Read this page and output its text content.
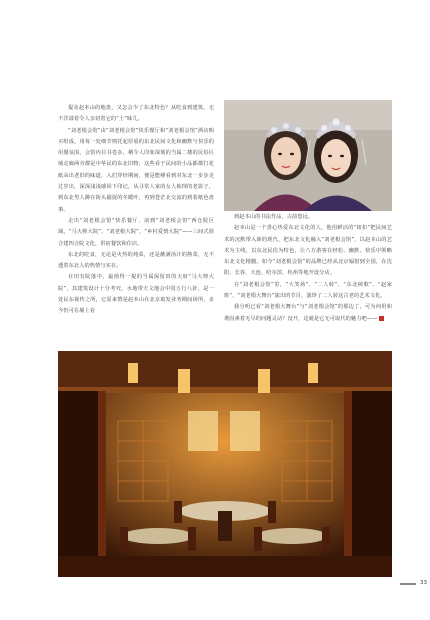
提及赵本山的地盘，又怎会少了东北特色？从吃食到建筑，无不洋溢着令人亲切着它的“土”味儿。

“刘老根会馆”由“刘老根会馆”快乐餐厅和“刘老根会馆”酒店购买组成。用每一处细节则托起厚重的东北民间文化和幽默与快乐的用餐氛围。会馆内目书卷多，栖令人印象深刻的当属二楼的民俗区域走廊两旁都是中华民的东北旧物，这些看于民间的小品都都打花纸朵出老旧的味道，入们穿经期间，便是能够看到对东北一步步走过岁出，深深浅浅感回下印记，从寻常人家的女人梳理的老影子，到东北男人蹲在街头捕捉的冬暖叶，再到苍茫北交流的到着纸色盘事。

走出“刘老根会馆”快乐餐厅，前到“刘老根会馆”西仓院区域，“马大帅大院”、“刘老根大院”、“乡村爱情大院”——三间式简合建四合院文化，供宿餐饮和住店。

东北的吃食，无论是火热的炖菜，还是蘸满汤汁的酱菜，无不透着东北人的热情与实在。

在田有院落中，最值得一提的当属保留田的天府“马大帅大院”，其建筑设计十分考究，水地带天文地会中国五行八卦，是一处民东视传之所，它原来赞是赵本山在北京取发业务期间场所，多今仍可在墙上看

到赵本山的书法作品，古韵悠远。

赵本山是一个善心热爱东北文化的人，他用鲜活的“纽扣”把民间艺术的沉默带入新的现代，把东北文化融入“刘老根会馆”，以赵本山的艺术为主线，以东北民俗为特色，让八方游客在轻松、幽默、快乐中领略东北文化精髓。如今“刘老根会馆”的品牌已经从北京辐射到全国，在沈阳、长春、大连、哈尔滨、杭州等地开设分店。

在“刘老根会馆”里，“大笑场”、“二人转”、“东北秧歌”、“赵家班”、“刘老根大舞台”演出的节目，演绎了二人转这古老的艺术文化。

我分明已看“刘老根大舞台”与“刘老根会馆”的那边了，可为何用和谐因素着无尽的问题灵动？没开，这就是它无可取代的魅力吧——

33
